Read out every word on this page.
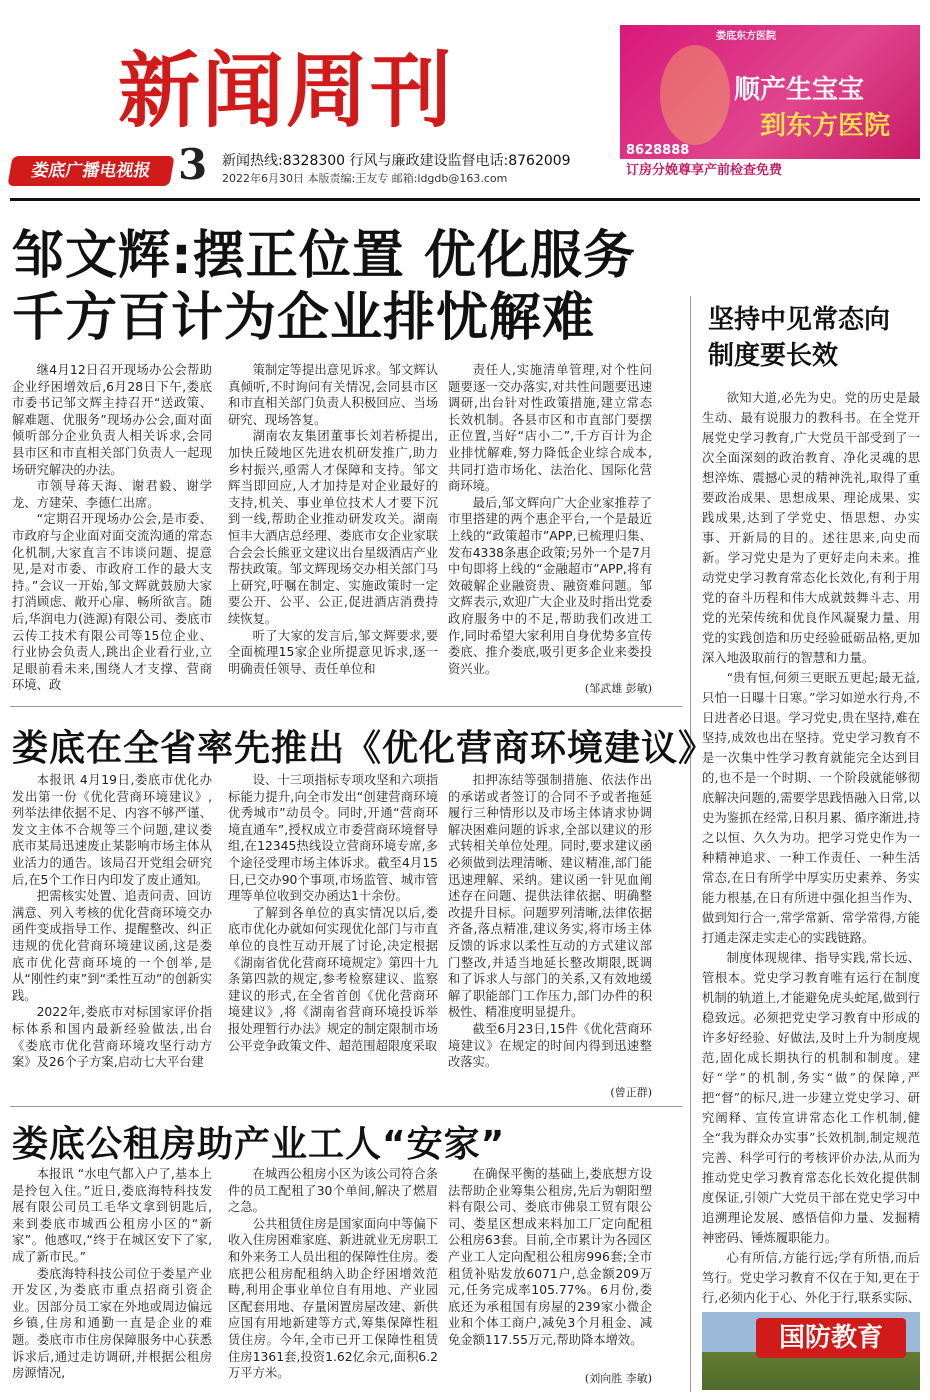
新闻周刊
娄底广播电视报 3 新闻热线:8328300 行风与廉政建设监督电话:8762009
2022年6月30日 本版责编:王友专 邮箱:ldgdb@163.com
娄底东方医院
顺产生宝宝
到东方医院
8628888
订房分娩尊享产前检查免费
邹文辉:摆正位置 优化服务
千方百计为企业排忧解难

继4月12日召开现场办公会帮助企业纾困增效后,6月28日下午,娄底市委书记邹文辉主持召开“送政策、解难题、优服务”现场办公会,面对面倾听部分企业负责人相关诉求,会同县市区和市直相关部门负责人一起现场研究解决的办法。

市领导蒋天海、谢君毅、谢学龙、方建荣、李德仁出席。

“定期召开现场办公会,是市委、市政府与企业面对面交流沟通的常态化机制,大家直言不讳谈问题、提意见,是对市委、市政府工作的最大支持。”会议一开始,邹文辉就鼓励大家打消顾虑、敞开心扉、畅所欲言。随后,华润电力(涟源)有限公司、娄底市云传工技术有限公司等15位企业、行业协会负责人,跳出企业看行业,立足眼前看未来,围绕人才支撑、营商环境、政

策制定等提出意见诉求。邹文辉认真倾听,不时询问有关情况,会同县市区和市直相关部门负责人积极回应、当场研究、现场答复。

湖南农友集团董事长刘若桥提出,加快丘陵地区先进农机研发推广,助力乡村振兴,亟需人才保障和支持。邹文辉当即回应,人才加持是对企业最好的支持,机关、事业单位技术人才要下沉到一线,帮助企业推动研发攻关。湖南恒丰大酒店总经理、娄底市女企业家联合会会长熊亚文建议出台星级酒店产业帮扶政策。邹文辉现场交办相关部门马上研究,吁嘱在制定、实施政策时一定要公开、公平、公正,促进酒店消费持续恢复。

听了大家的发言后,邹文辉要求,要全面梳理15家企业所提意见诉求,逐一明确责任领导、责任单位和

责任人,实施清单管理,对个性问题要逐一交办落实,对共性问题要迅速调研,出台针对性政策措施,建立常态长效机制。各县市区和市直部门要摆正位置,当好“店小二”,千方百计为企业排忧解难,努力降低企业综合成本,共同打造市场化、法治化、国际化营商环境。

最后,邹文辉向广大企业家推荐了市里搭建的两个惠企平台,一个是最近上线的“政策超市”APP,已梳理归集、发布4338条惠企政策;另外一个是7月中旬即将上线的“金融超市”APP,将有效破解企业融资贵、融资难问题。邹文辉表示,欢迎广大企业及时指出党委政府服务中的不足,帮助我们改进工作,同时希望大家利用自身优势多宣传娄底、推介娄底,吸引更多企业来娄投资兴业。

(邹武雄 彭敏)
坚持中见常态向制度要长效

欲知大道,必先为史。党的历史是最生动、最有说服力的教科书。在全党开展党史学习教育,广大党员干部受到了一次全面深刻的政治教育、净化灵魂的思想淬炼、震撼心灵的精神洗礼,取得了重要政治成果、思想成果、理论成果、实践成果,达到了学党史、悟思想、办实事、开新局的目的。述往思来,向史而新。学习党史是为了更好走向未来。推动党史学习教育常态化长效化,有利于用党的奋斗历程和伟大成就鼓舞斗志、用党的光荣传统和优良作风凝聚力量、用党的实践创造和历史经验砥砺品格,更加深入地汲取前行的智慧和力量。

“贵有恒,何须三更眠五更起;最无益,只怕一日曝十日寒。”学习如逆水行舟,不日进者必日退。学习党史,贵在坚持,难在坚持,成效也出在坚持。党史学习教育不是一次集中性学习教育就能完全达到目的,也不是一个时期、一个阶段就能够彻底解决问题的,需要学思践悟融入日常,以史为鉴抓在经常,日积月累、循序渐进,持之以恒、久久为功。把学习党史作为一种精神追求、一种工作责任、一种生活常态,在日有所学中厚实历史素养、务实能力根基,在日有所进中强化担当作为、做到知行合一,常学常新、常学常得,方能打通走深走实走心的实践链路。

制度体现规律、指导实践,常长远、管根本。党史学习教育唯有运行在制度机制的轨道上,才能避免虎头蛇尾,做到行稳致远。必须把党史学习教育中形成的许多好经验、好做法,及时上升为制度规范,固化成长期执行的机制和制度。建好“学”的机制,务实“做”的保障,严把“督”的标尺,进一步建立党史学习、研究阐释、宣传宣讲常态化工作机制,健全“我为群众办实事”长效机制,制定规范完善、科学可行的考核评价办法,从而为推动党史学习教育常态化长效化提供制度保证,引领广大党员干部在党史学习中追溯理论发展、感悟信仰力量、发掘精神密码、锤炼履职能力。

心有所信,方能行远;学有所悟,而后笃行。党史学习教育不仅在于知,更在于行,必须内化于心、外化于行,联系实际、

国防教育
娄底在全省率先推出《优化营商环境建议》

本报讯 4月19日,娄底市优化办发出第一份《优化营商环境建议》,列举法律依据不足、内容不够严谨、发文主体不合规等三个问题,建议娄底市某局迅速废止某影响市场主体从业活力的通告。该局召开党组会研究后,在5个工作日内印发了废止通知。

把需核实处置、追责问责、回访满意、列入考核的优化营商环境交办函件变成指导工作、提醒整改、纠正违规的优化营商环境建议函,这是娄底市优化营商环境的一个创举,是从“刚性约束”到“柔性互动”的创新实践。

2022年,娄底市对标国家评价指标体系和国内最新经验做法,出台《娄底市优化营商环境攻坚行动方案》及26个子方案,启动七大平台建

设、十三项指标专项攻坚和六项指标能力提升,向全市发出“创建营商环境优秀城市”动员令。同时,开通“营商环境直通车”,授权成立市委营商环境督导组,在12345热线设立营商环境专席,多个途径受理市场主体诉求。截至4月15日,已交办90个事项,市场监管、城市管理等单位收到交办函达1十余份。

了解到各单位的真实情况以后,娄底市优化办就如何实现优化部门与市直单位的良性互动开展了讨论,决定根据《湖南省优化营商环境规定》第四十九条第四款的规定,参考检察建议、监察建议的形式,在全省首创《优化营商环境建议》,将《湖南省营商环境投诉举报处理暂行办法》规定的制定限制市场公平竞争政策文件、超范围超限度采取

扣押冻结等强制措施、依法作出的承诺或者签订的合同不予或者拖延履行三种情形以及市场主体请求协调解决困难问题的诉求,全部以建议的形式转相关单位处理。同时,要求建议函必须做到法理清晰、建议精准,部门能迅速理解、采纳。建议函一针见血阐述存在问题、提供法律依据、明确整改提升目标。问题罗列清晰,法律依据齐备,落点精准,建议务实,将市场主体反馈的诉求以柔性互动的方式建议部门整改,并适当地延长整改期限,既调和了诉求人与部门的关系,又有效地缓解了职能部门工作压力,部门办件的积极性、精准度明显提升。

截至6月23日,15件《优化营商环境建议》在规定的时间内得到迅速整改落实。

(曾正群)
娄底公租房助产业工人“安家”

本报讯 “水电气都入户了,基本上是拎包入住。”近日,娄底海特科技发展有限公司员工毛华文拿到钥匙后,来到娄底市城西公租房小区的“新家”。他感叹,“终于在城区安下了家,成了新市民。”

娄底海特科技公司位于娄星产业开发区,为娄底市重点招商引资企业。因部分员工家在外地或周边偏远乡镇,住房和通勤一直是企业的难题。娄底市市住房保障服务中心获悉诉求后,通过走访调研,并根据公租房房源情况,

在城西公租房小区为该公司符合条件的员工配租了30个单间,解决了燃眉之急。

公共租赁住房是国家面向中等偏下收入住房困难家庭、新进就业无房职工和外来务工人员出租的保障性住房。娄底把公租房配租纳入助企纾困增效范畴,利用企事业单位自有用地、产业园区配套用地、存量闲置房屋改建、新供应国有用地新建等方式,筹集保障性租赁住房。今年,全市已开工保障性租赁住房1361套,投资1.62亿余元,面积6.2万平方米。

在确保平衡的基础上,娄底想方设法帮助企业筹集公租房,先后为朝阳塑料有限公司、娄底市佛泉工贸有限公司、娄星区想成来料加工厂定向配租公租房63套。目前,全市累计为各园区产业工人定向配租公租房996套;全市租赁补贴发放6071户,总金额209万元,任务完成率105.77%。6月份,娄底还为承租国有房屋的239家小微企业和个体工商户,减免3个月租金、减免金额117.55万元,帮助降本增效。

(刘向胜 李敏)
